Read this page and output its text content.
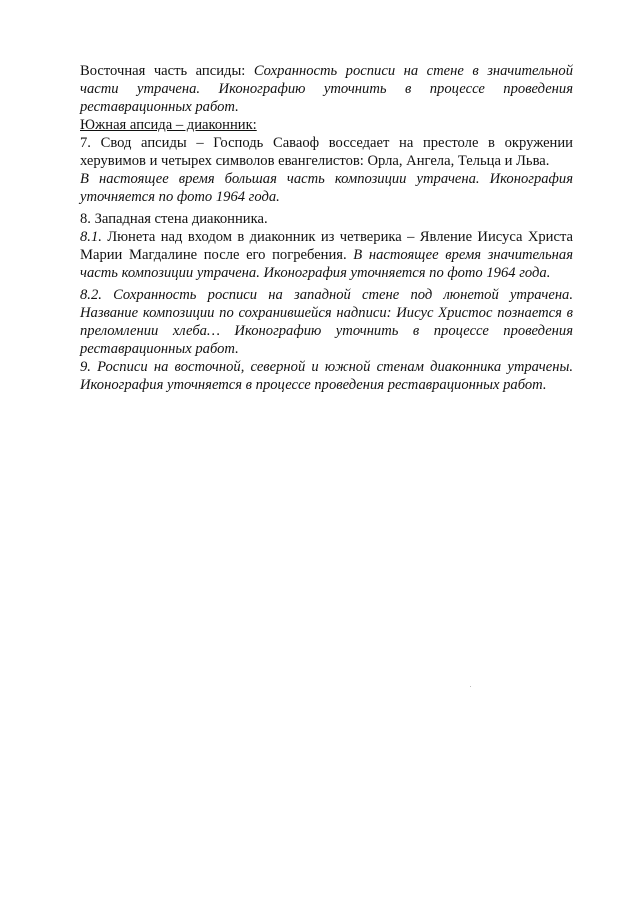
Восточная часть апсиды: Сохранность росписи на стене в значительной части утрачена. Иконографию уточнить в процессе проведения реставрационных работ.

Южная апсида – диаконник:

7. Свод апсиды – Господь Саваоф восседает на престоле в окружении херувимов и четырех символов евангелистов: Орла, Ангела, Тельца и Льва.
В настоящее время большая часть композиции утрачена. Иконография уточняется по фото 1964 года.

8. Западная стена диаконника.

8.1. Люнета над входом в диаконник из четверика – Явление Иисуса Христа Марии Магдалине после его погребения. В настоящее время значительная часть композиции утрачена. Иконография уточняется по фото 1964 года.

8.2. Сохранность росписи на западной стене под люнетой утрачена. Название композиции по сохранившейся надписи: Иисус Христос познается в преломлении хлеба… Иконографию уточнить в процессе проведения реставрационных работ.

9. Росписи на восточной, северной и южной стенам диаконника утрачены. Иконография уточняется в процессе проведения реставрационных работ.
